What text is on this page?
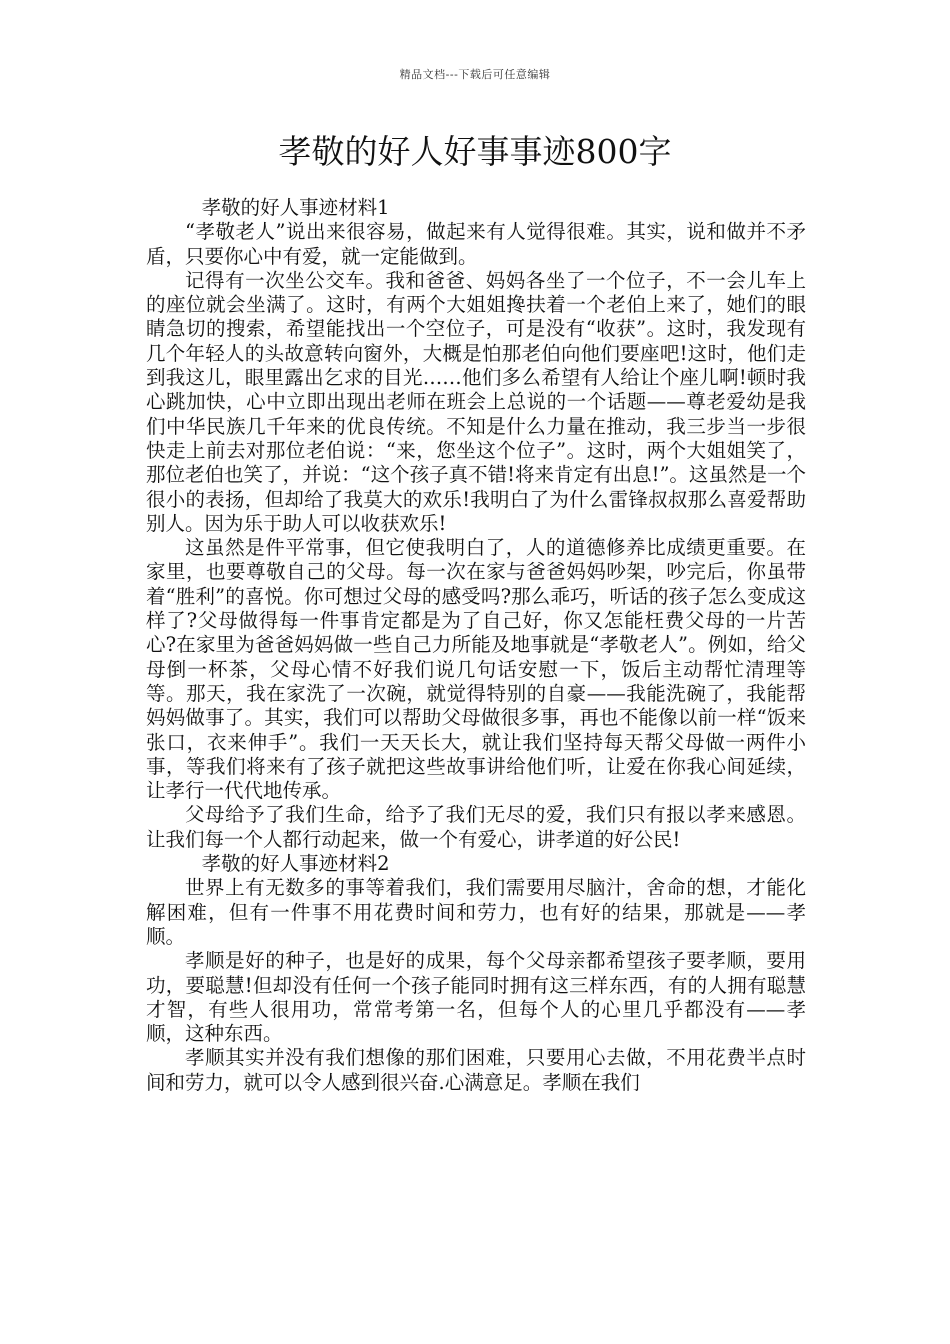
精品文档---下载后可任意编辑
孝敬的好人好事事迹800字

孝敬的好人事迹材料1

“孝敬老人”说出来很容易，做起来有人觉得很难。其实，说和做并不矛盾，只要你心中有爱，就一定能做到。

记得有一次坐公交车。我和爸爸、妈妈各坐了一个位子，不一会儿车上的座位就会坐满了。这时，有两个大姐姐搀扶着一个老伯上来了，她们的眼睛急切的搜索，希望能找出一个空位子，可是没有“收获”。这时，我发现有几个年轻人的头故意转向窗外，大概是怕那老伯向他们要座吧!这时，他们走到我这儿，眼里露出乞求的目光……他们多么希望有人给让个座儿啊!顿时我心跳加快，心中立即出现出老师在班会上总说的一个话题——尊老爱幼是我们中华民族几千年来的优良传统。不知是什么力量在推动，我三步当一步很快走上前去对那位老伯说：“来，您坐这个位子”。这时，两个大姐姐笑了，那位老伯也笑了，并说：“这个孩子真不错!将来肯定有出息!”。这虽然是一个很小的表扬，但却给了我莫大的欢乐!我明白了为什么雷锋叔叔那么喜爱帮助别人。因为乐于助人可以收获欢乐!

这虽然是件平常事，但它使我明白了，人的道德修养比成绩更重要。在家里，也要尊敬自己的父母。每一次在家与爸爸妈妈吵架，吵完后，你虽带着“胜利”的喜悦。你可想过父母的感受吗?那么乖巧，听话的孩子怎么变成这样了?父母做得每一件事肯定都是为了自己好，你又怎能枉费父母的一片苦心?在家里为爸爸妈妈做一些自己力所能及地事就是“孝敬老人”。例如，给父母倒一杯茶，父母心情不好我们说几句话安慰一下，饭后主动帮忙清理等等。那天，我在家洗了一次碗，就觉得特别的自豪——我能洗碗了，我能帮妈妈做事了。其实，我们可以帮助父母做很多事，再也不能像以前一样“饭来张口，衣来伸手”。我们一天天长大，就让我们坚持每天帮父母做一两件小事，等我们将来有了孩子就把这些故事讲给他们听，让爱在你我心间延续，让孝行一代代地传承。

父母给予了我们生命，给予了我们无尽的爱，我们只有报以孝来感恩。让我们每一个人都行动起来，做一个有爱心，讲孝道的好公民!

孝敬的好人事迹材料2

世界上有无数多的事等着我们，我们需要用尽脑汁，舍命的想，才能化解困难，但有一件事不用花费时间和劳力，也有好的结果，那就是——孝顺。

孝顺是好的种子，也是好的成果，每个父母亲都希望孩子要孝顺，要用功，要聪慧!但却没有任何一个孩子能同时拥有这三样东西，有的人拥有聪慧才智，有些人很用功，常常考第一名，但每个人的心里几乎都没有——孝顺，这种东西。

孝顺其实并没有我们想像的那们困难，只要用心去做，不用花费半点时间和劳力，就可以令人感到很兴奋.心满意足。孝顺在我们
